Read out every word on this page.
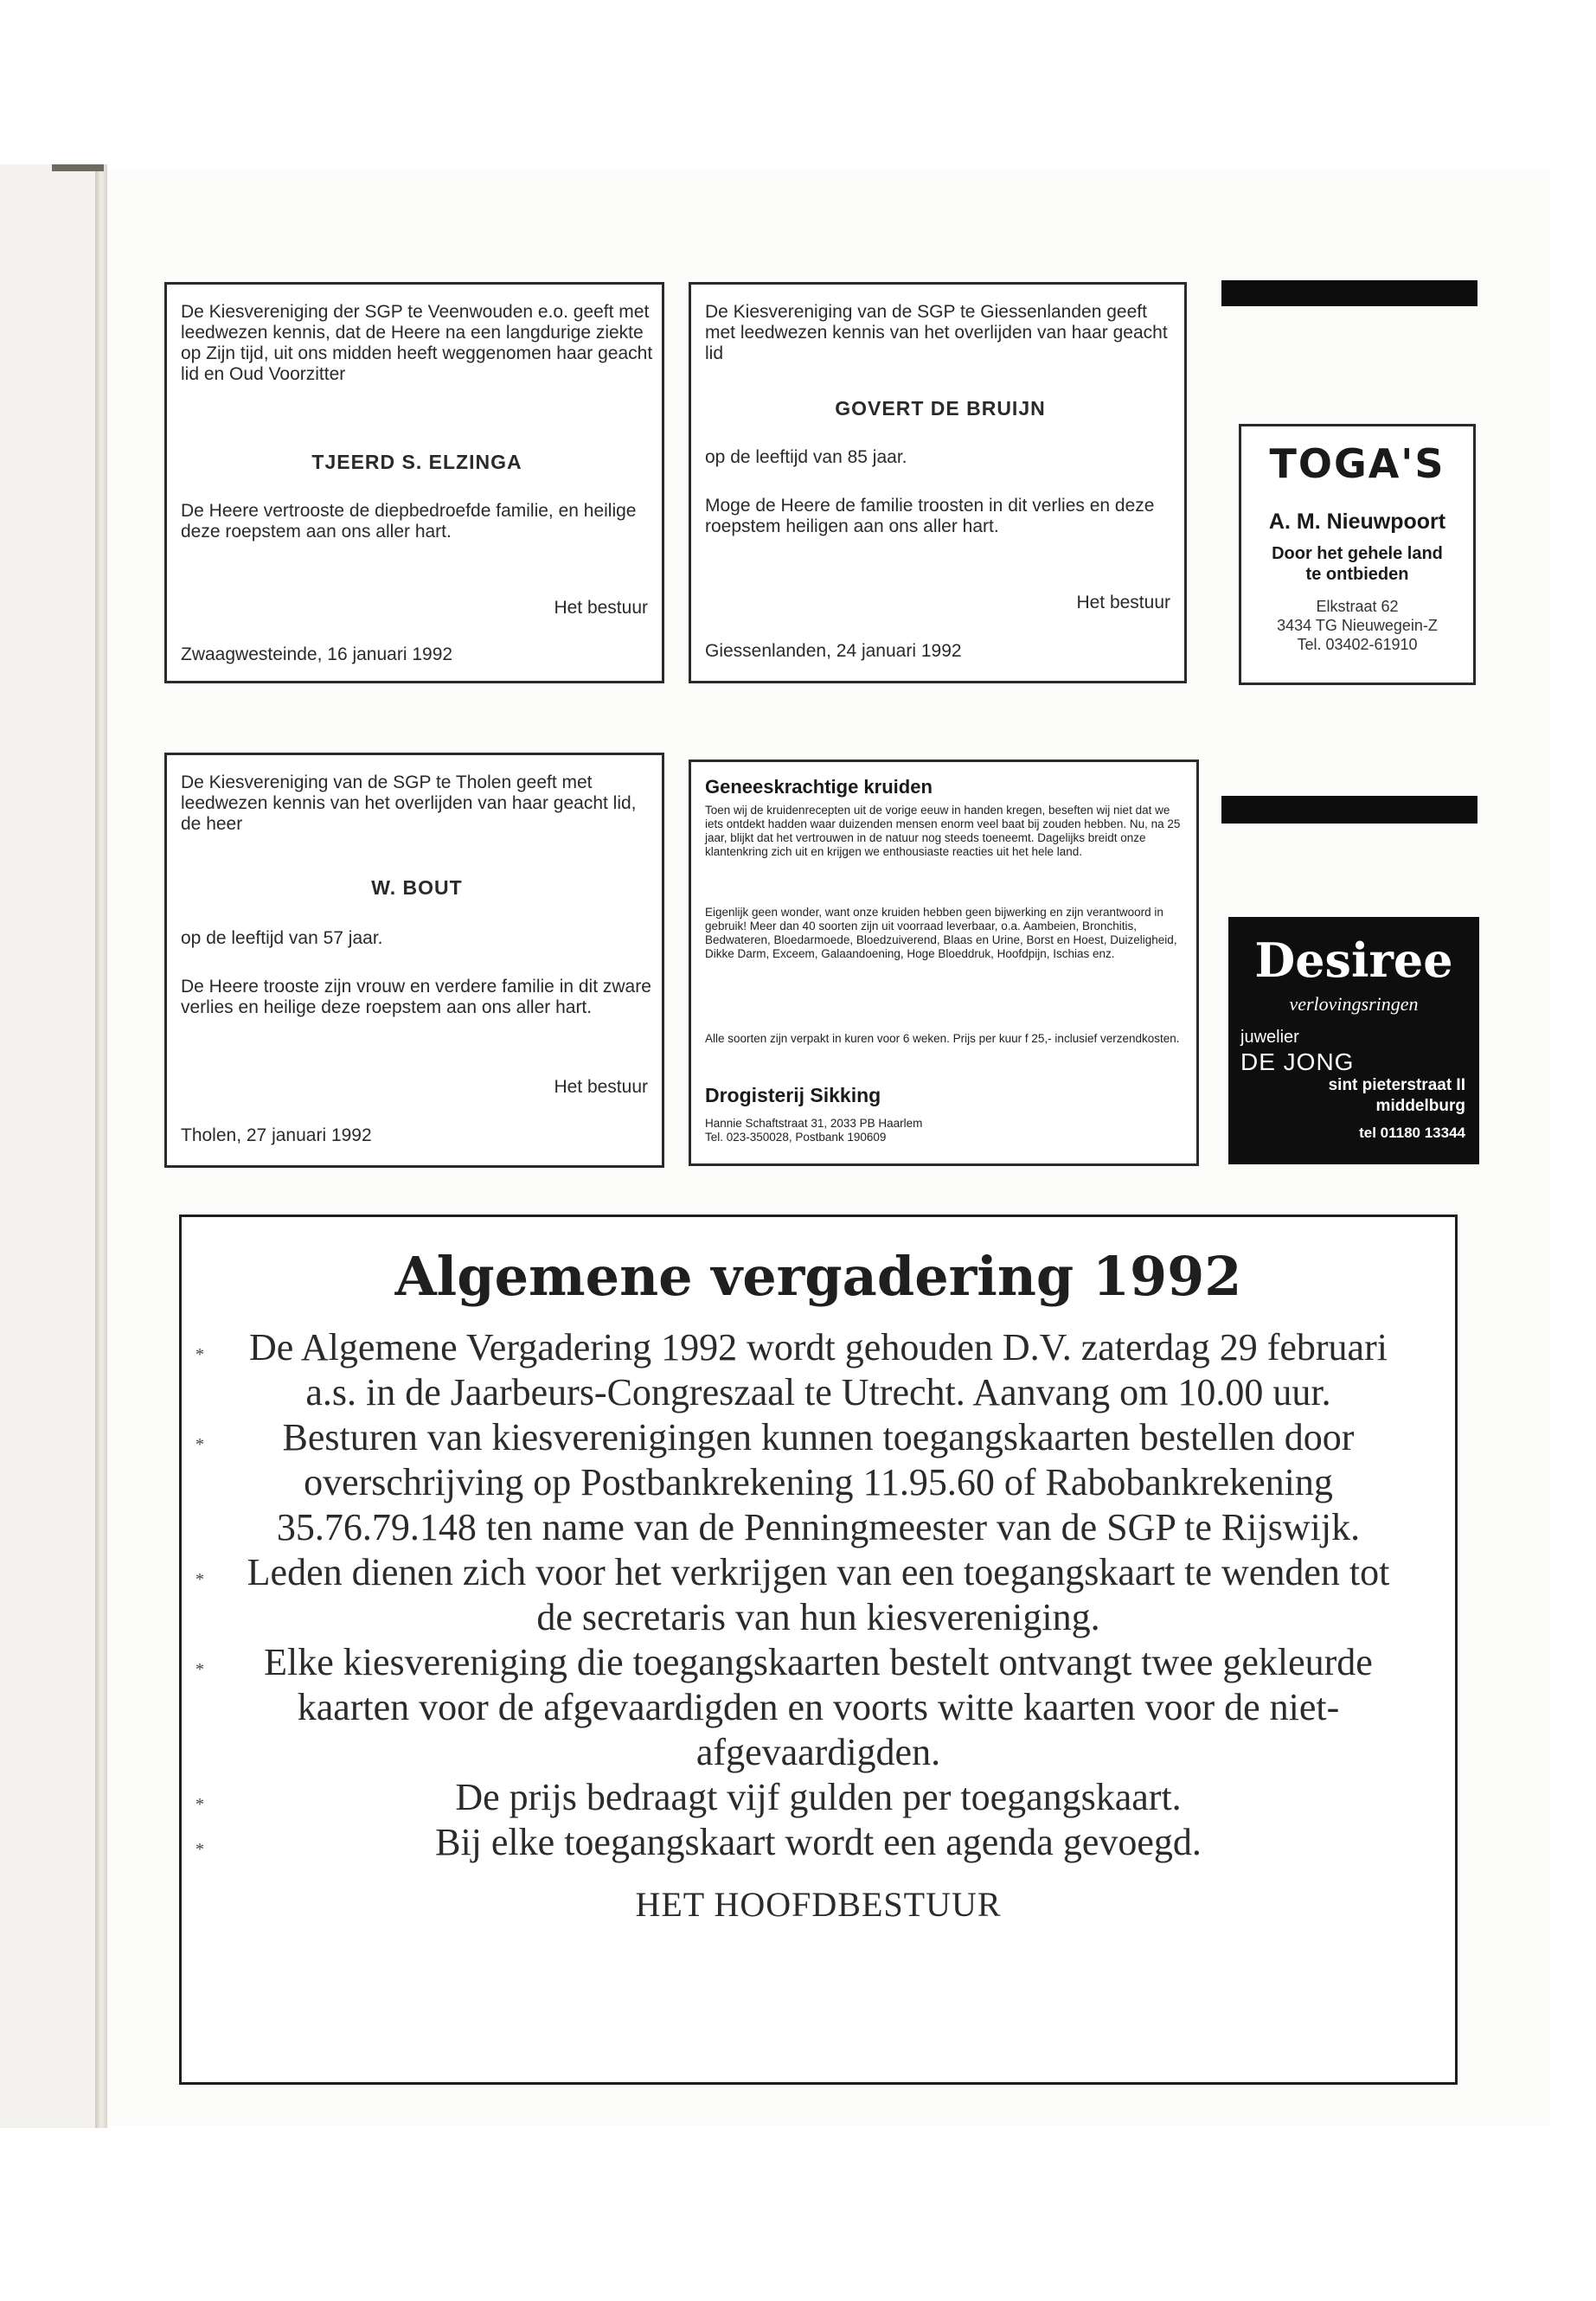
De Kiesvereniging der SGP te Veenwouden e.o. geeft met leedwezen kennis, dat de Heere na een langdurige ziekte op Zijn tijd, uit ons midden heeft weggenomen haar geacht lid en Oud Voorzitter
TJEERD S. ELZINGA
De Heere vertrooste de diepbedroefde familie, en heilige deze roepstem aan ons aller hart.
Het bestuur
Zwaagwesteinde, 16 januari 1992
De Kiesvereniging van de SGP te Giessenlanden geeft met leedwezen kennis van het overlijden van haar geacht lid
GOVERT DE BRUIJN
op de leeftijd van 85 jaar.
Moge de Heere de familie troosten in dit verlies en deze roepstem heiligen aan ons aller hart.
Het bestuur
Giessenlanden, 24 januari 1992
De Kiesvereniging van de SGP te Tholen geeft met leedwezen kennis van het overlijden van haar geacht lid, de heer
W. BOUT
op de leeftijd van 57 jaar.
De Heere trooste zijn vrouw en verdere familie in dit zware verlies en heilige deze roepstem aan ons aller hart.
Het bestuur
Tholen, 27 januari 1992
Geneeskrachtige kruiden
Toen wij de kruidenrecepten uit de vorige eeuw in handen kregen, beseften wij niet dat we iets ontdekt hadden waar duizenden mensen enorm veel baat bij zouden hebben. Nu, na 25 jaar, blijkt dat het vertrouwen in de natuur nog steeds toeneemt. Dagelijks breidt onze klantenkring zich uit en krijgen we enthousiaste reacties uit het hele land.
Eigenlijk geen wonder, want onze kruiden hebben geen bijwerking en zijn verantwoord in gebruik! Meer dan 40 soorten zijn uit voorraad leverbaar, o.a. Aambeien, Bronchitis, Bedwateren, Bloedarmoede, Bloedzuiverend, Blaas en Urine, Borst en Hoest, Duizeligheid, Dikke Darm, Exceem, Galaandoening, Hoge Bloeddruk, Hoofdpijn, Ischias enz.
Alle soorten zijn verpakt in kuren voor 6 weken. Prijs per kuur f 25,- inclusief verzendkosten.
Drogisterij Sikking
Hannie Schaftstraat 31, 2033 PB Haarlem
Tel. 023-350028, Postbank 190609
TOGA'S
A. M. Nieuwpoort
Door het gehele land
te ontbieden
Elkstraat 62
3434 TG Nieuwegein-Z
Tel. 03402-61910
Desiree
verlovingsringen
juwelier
DE JONG
sint pieterstraat II
middelburg
tel 01180 13344
Algemene vergadering 1992
* De Algemene Vergadering 1992 wordt gehouden D.V. zaterdag 29 februari a.s. in de Jaarbeurs-Congreszaal te Utrecht. Aanvang om 10.00 uur.
* Besturen van kiesverenigingen kunnen toegangskaarten bestellen door overschrijving op Postbankrekening 11.95.60 of Rabobankrekening 35.76.79.148 ten name van de Penningmeester van de SGP te Rijswijk.
* Leden dienen zich voor het verkrijgen van een toegangskaart te wenden tot de secretaris van hun kiesvereniging.
* Elke kiesvereniging die toegangskaarten bestelt ontvangt twee gekleurde kaarten voor de afgevaardigden en voorts witte kaarten voor de niet-afgevaardigden.
*	De prijs bedraagt vijf gulden per toegangskaart.
*	Bij elke toegangskaart wordt een agenda gevoegd.
HET HOOFDBESTUUR
